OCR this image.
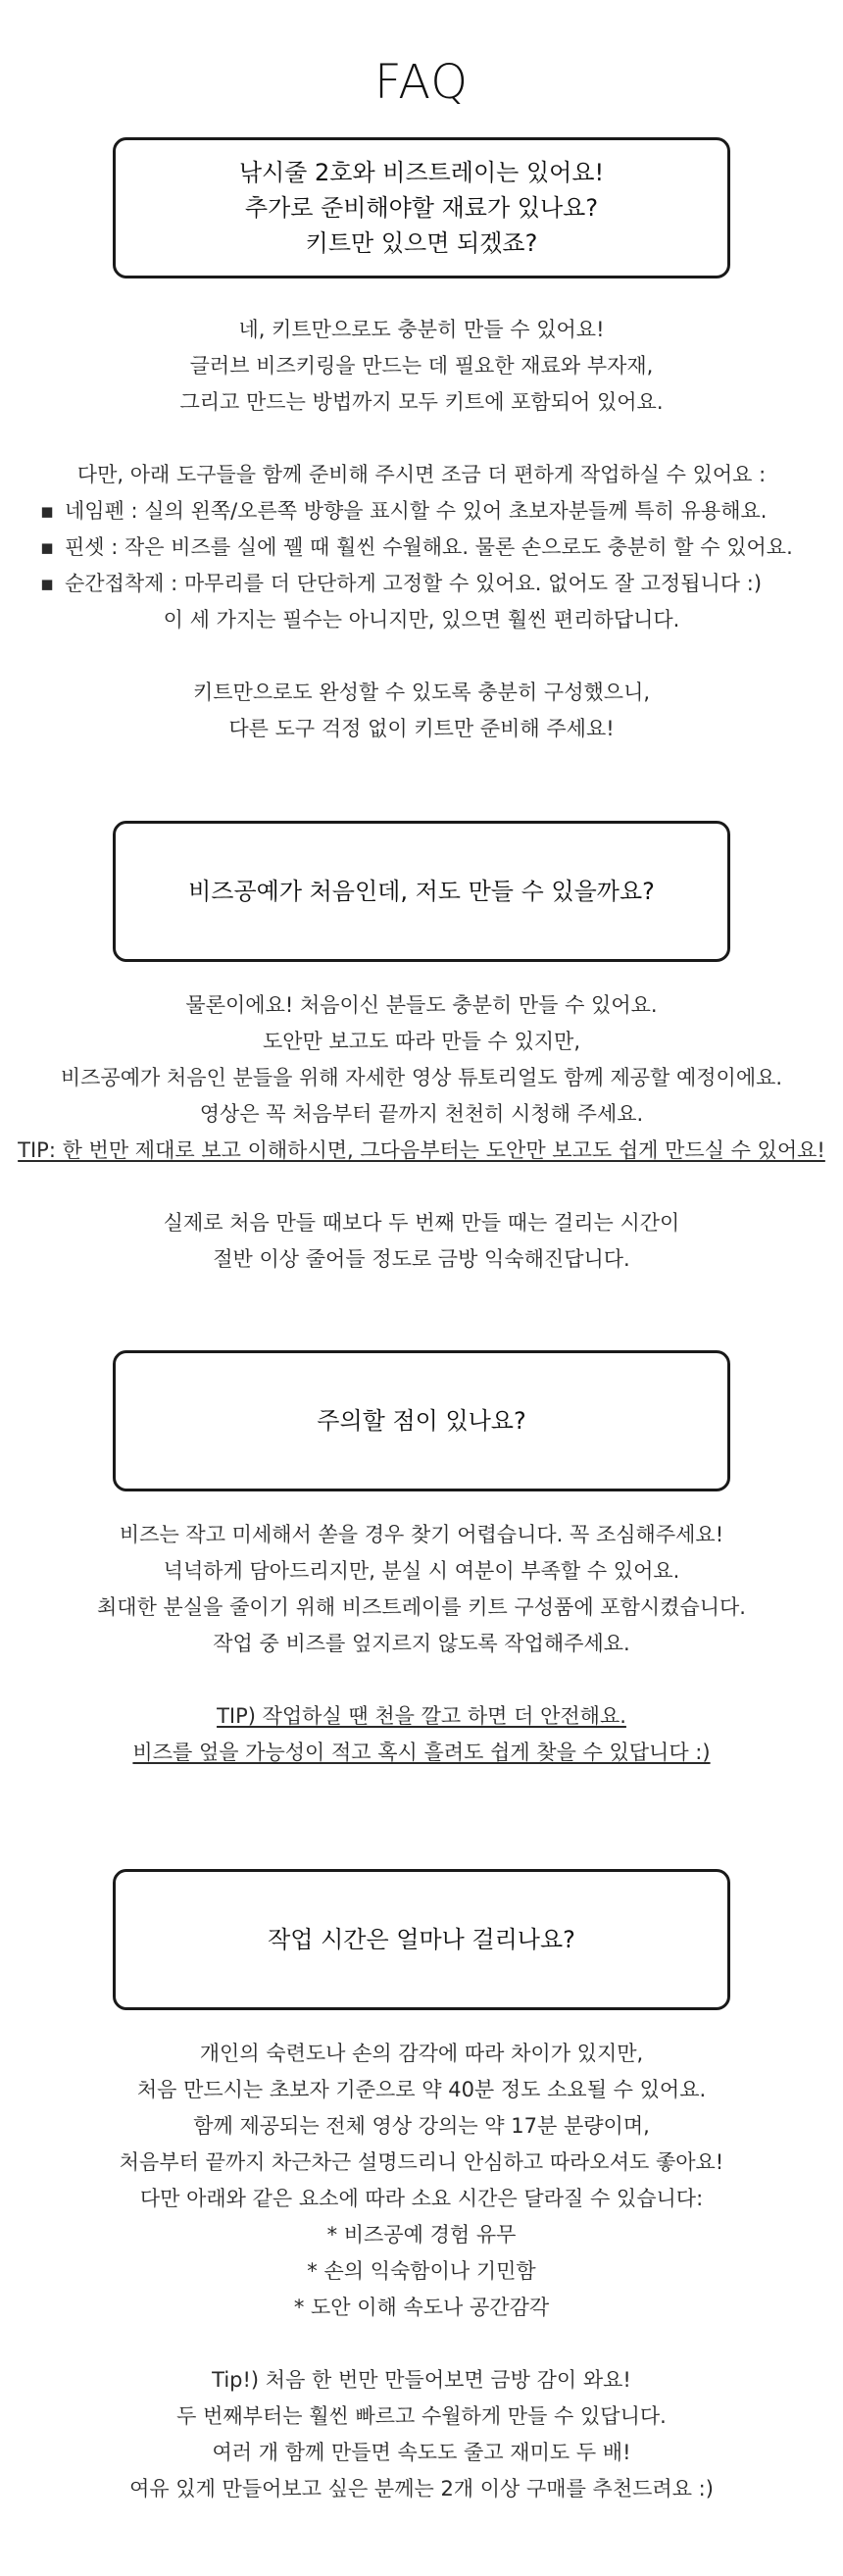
FAQ
낚시줄 2호와 비즈트레이는 있어요!
추가로 준비해야할 재료가 있나요?
키트만 있으면 되겠죠?
네, 키트만으로도 충분히 만들 수 있어요!
글러브 비즈키링을 만드는 데 필요한 재료와 부자재,
그리고 만드는 방법까지 모두 키트에 포함되어 있어요.
다만, 아래 도구들을 함께 준비해 주시면 조금 더 편하게 작업하실 수 있어요 :
▪ 네임펜 : 실의 왼쪽/오른쪽 방향을 표시할 수 있어 초보자분들께 특히 유용해요.
▪ 핀셋 : 작은 비즈를 실에 꿸 때 훨씬 수월해요. 물론 손으로도 충분히 할 수 있어요.
▪ 순간접착제 : 마무리를 더 단단하게 고정할 수 있어요. 없어도 잘 고정됩니다 :)
이 세 가지는 필수는 아니지만, 있으면 훨씬 편리하답니다.
키트만으로도 완성할 수 있도록 충분히 구성했으니,
다른 도구 걱정 없이 키트만 준비해 주세요!
비즈공예가 처음인데, 저도 만들 수 있을까요?
물론이에요! 처음이신 분들도 충분히 만들 수 있어요.
도안만 보고도 따라 만들 수 있지만,
비즈공예가 처음인 분들을 위해 자세한 영상 튜토리얼도 함께 제공할 예정이에요.
영상은 꼭 처음부터 끝까지 천천히 시청해 주세요.
TIP: 한 번만 제대로 보고 이해하시면, 그다음부터는 도안만 보고도 쉽게 만드실 수 있어요!
실제로 처음 만들 때보다 두 번째 만들 때는 걸리는 시간이
절반 이상 줄어들 정도로 금방 익숙해진답니다.
주의할 점이 있나요?
비즈는 작고 미세해서 쏟을 경우 찾기 어렵습니다. 꼭 조심해주세요!
넉넉하게 담아드리지만, 분실 시 여분이 부족할 수 있어요.
최대한 분실을 줄이기 위해 비즈트레이를 키트 구성품에 포함시켰습니다.
작업 중 비즈를 엎지르지 않도록 작업해주세요.
TIP) 작업하실 땐 천을 깔고 하면 더 안전해요.
비즈를 엎을 가능성이 적고 혹시 흘려도 쉽게 찾을 수 있답니다 :)
작업 시간은 얼마나 걸리나요?
개인의 숙련도나 손의 감각에 따라 차이가 있지만,
처음 만드시는 초보자 기준으로 약 40분 정도 소요될 수 있어요.
함께 제공되는 전체 영상 강의는 약 17분 분량이며,
처음부터 끝까지 차근차근 설명드리니 안심하고 따라오셔도 좋아요!
다만 아래와 같은 요소에 따라 소요 시간은 달라질 수 있습니다:
* 비즈공예 경험 유무
* 손의 익숙함이나 기민함
* 도안 이해 속도나 공간감각
Tip!) 처음 한 번만 만들어보면 금방 감이 와요!
두 번째부터는 훨씬 빠르고 수월하게 만들 수 있답니다.
여러 개 함께 만들면 속도도 줄고 재미도 두 배!
여유 있게 만들어보고 싶은 분께는 2개 이상 구매를 추천드려요 :)
